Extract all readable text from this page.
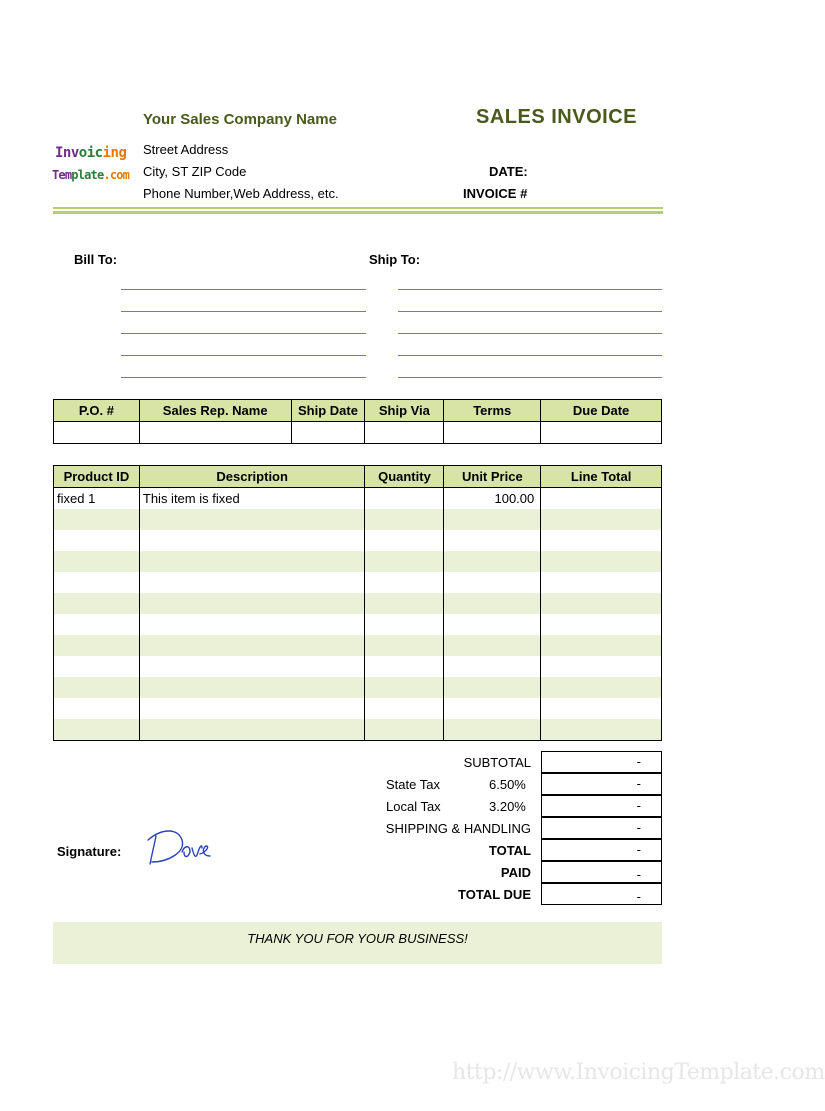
Your Sales Company Name	SALES INVOICE
Invoicing
Template.com
Street Address
City, ST ZIP Code
Phone Number,Web Address, etc.
DATE:
INVOICE #
Bill To:	Ship To:
P.O. #	Sales Rep. Name	Ship Date	Ship Via	Terms	Due Date

Product ID	Description	Quantity	Unit Price	Line Total
fixed 1	This item is fixed		100.00	

SUBTOTAL	-
State Tax	6.50%	-
Local Tax	3.20%	-
SHIPPING & HANDLING	-
TOTAL	-
PAID	-
TOTAL DUE	-
Signature:
THANK YOU FOR YOUR BUSINESS!
http://www.InvoicingTemplate.com
